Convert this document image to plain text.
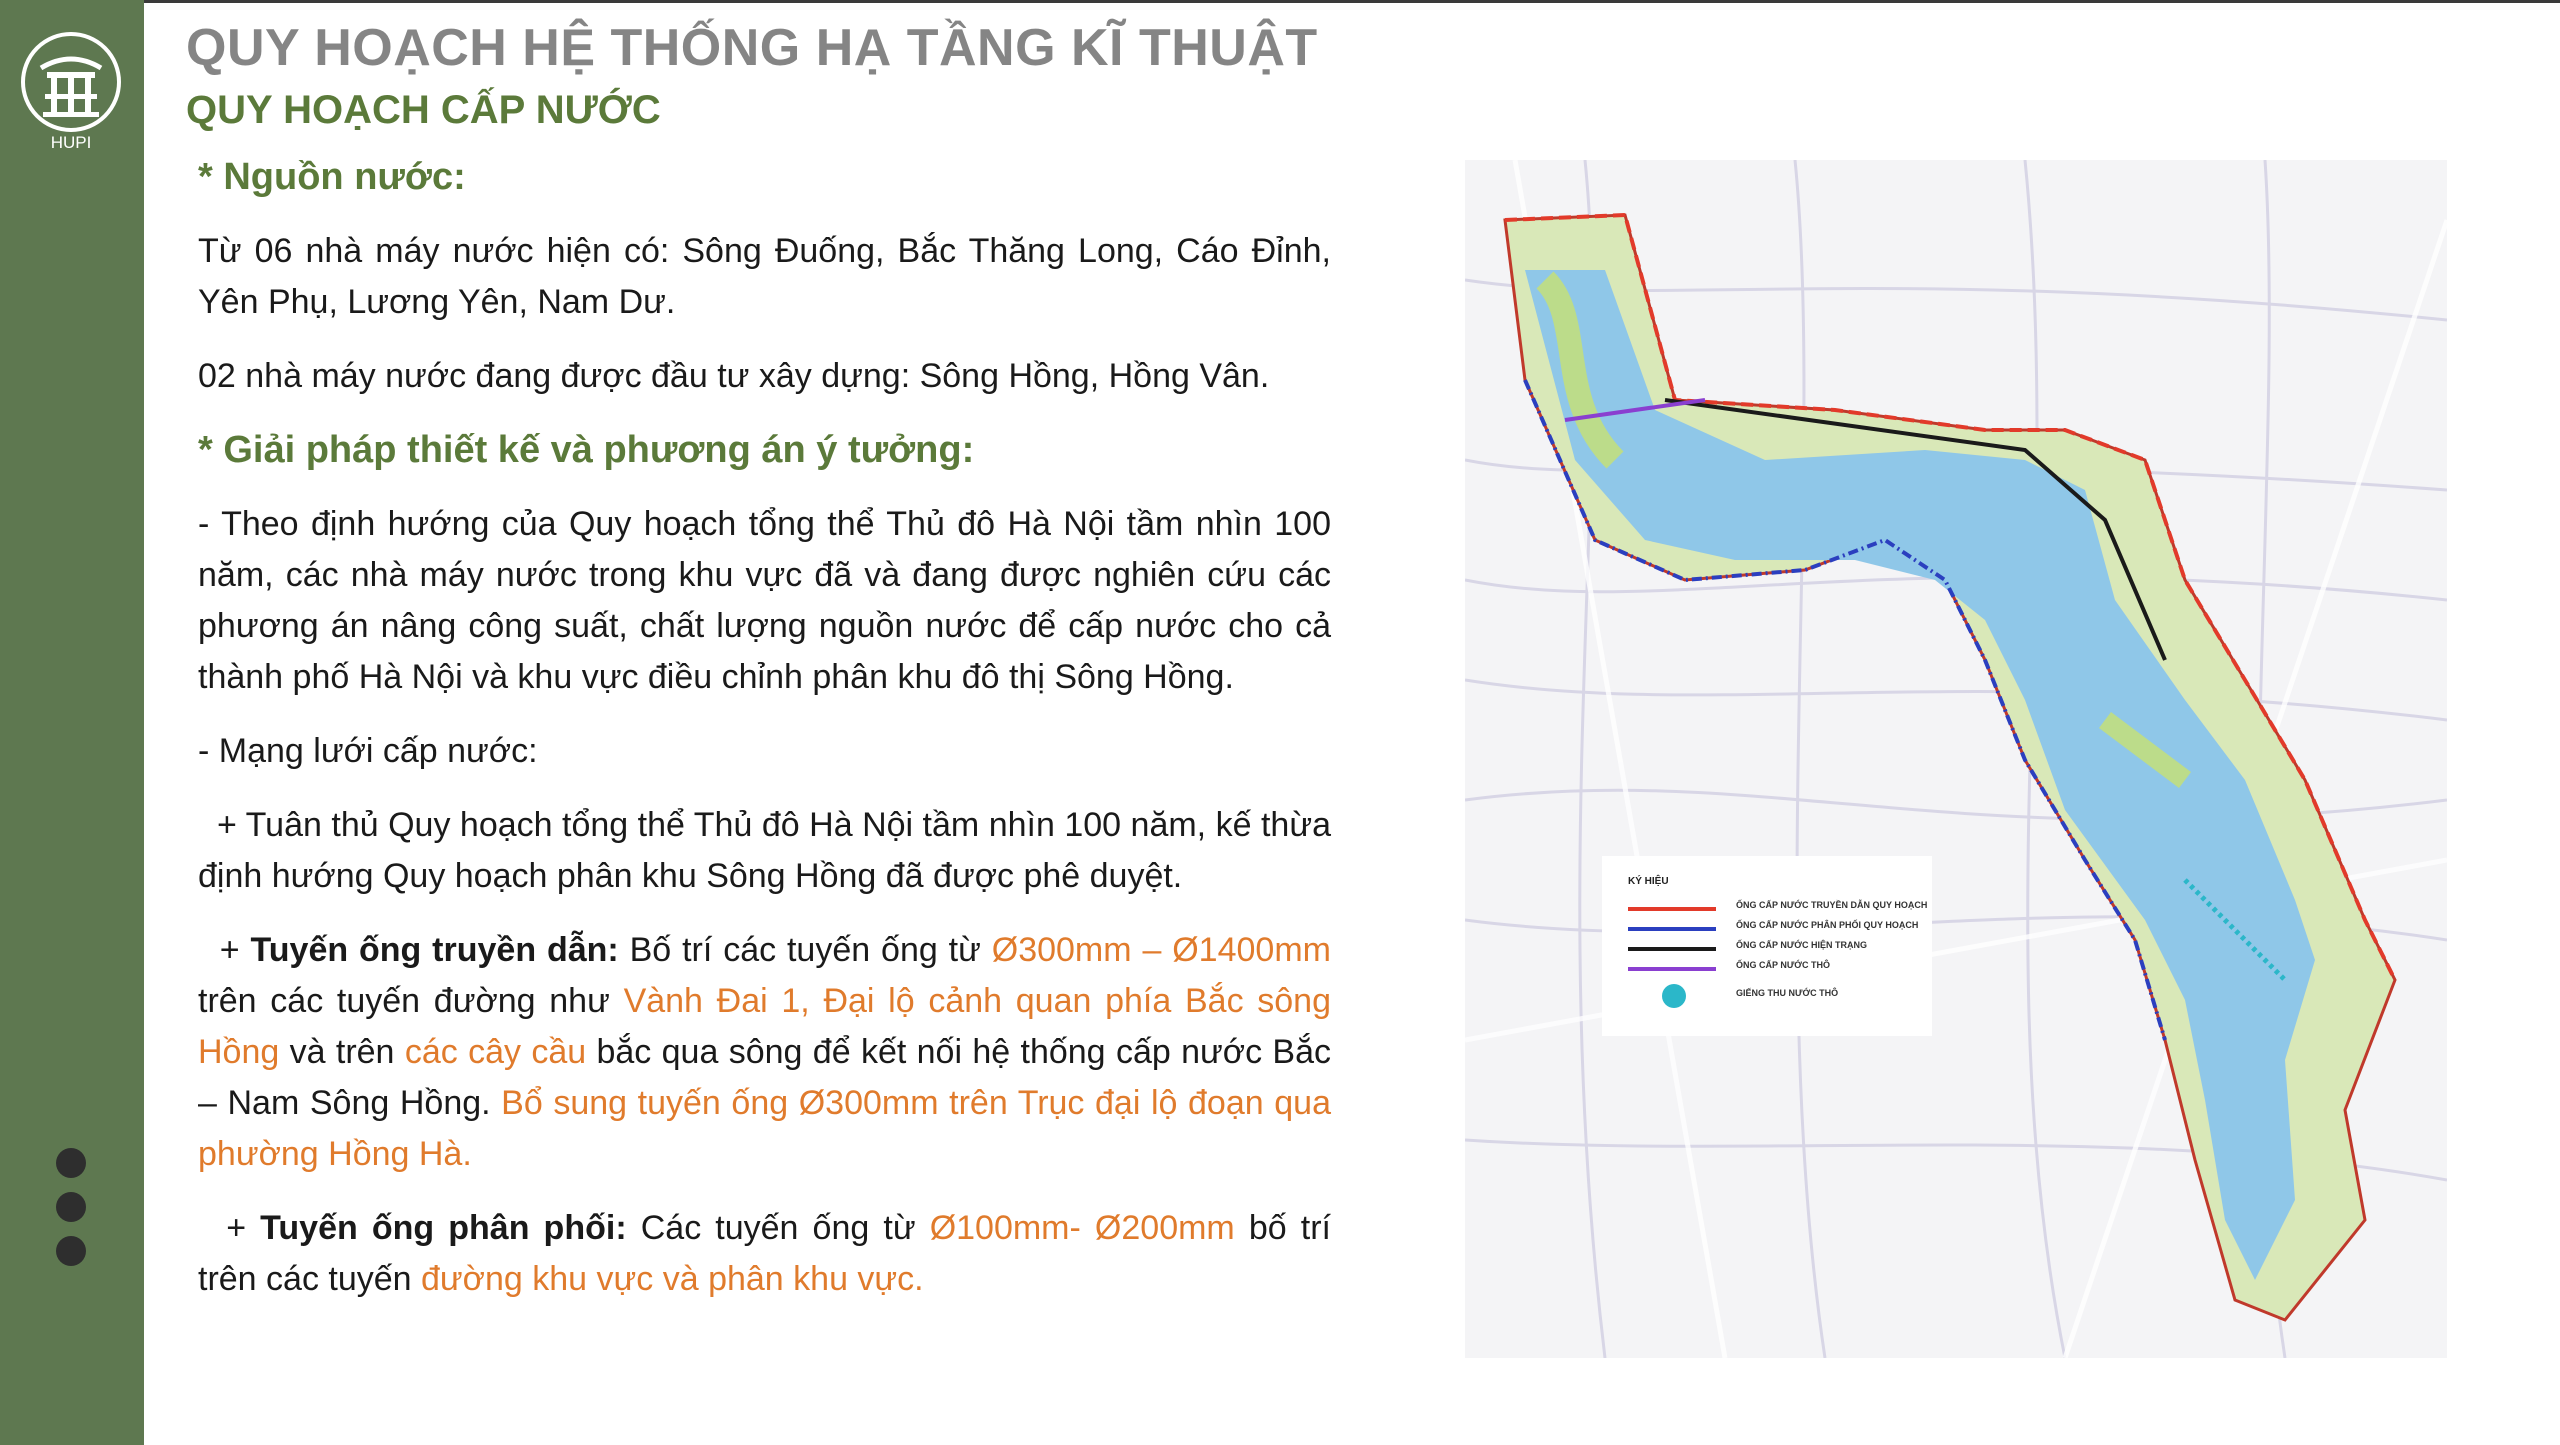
HUPI
QUY HOẠCH HỆ THỐNG HẠ TẦNG KĨ THUẬT
QUY HOẠCH CẤP NƯỚC

* Nguồn nước:

Từ 06 nhà máy nước hiện có: Sông Đuống, Bắc Thăng Long, Cáo Đỉnh, Yên Phụ, Lương Yên, Nam Dư.

02 nhà máy nước đang được đầu tư xây dựng: Sông Hồng, Hồng Vân.

* Giải pháp thiết kế và phương án ý tưởng:

- Theo định hướng của Quy hoạch tổng thể Thủ đô Hà Nội tầm nhìn 100 năm, các nhà máy nước trong khu vực đã và đang được nghiên cứu các phương án nâng công suất, chất lượng nguồn nước để cấp nước cho cả thành phố Hà Nội và khu vực điều chỉnh phân khu đô thị Sông Hồng.

- Mạng lưới cấp nước:

+ Tuân thủ Quy hoạch tổng thể Thủ đô Hà Nội tầm nhìn 100 năm, kế thừa định hướng Quy hoạch phân khu Sông Hồng đã được phê duyệt.

+ Tuyến ống truyền dẫn: Bố trí các tuyến ống từ Ø300mm – Ø1400mm trên các tuyến đường như Vành Đai 1, Đại lộ cảnh quan phía Bắc sông Hồng và trên các cây cầu bắc qua sông để kết nối hệ thống cấp nước Bắc – Nam Sông Hồng. Bổ sung tuyến ống Ø300mm trên Trục đại lộ đoạn qua phường Hồng Hà.

+ Tuyến ống phân phối: Các tuyến ống từ Ø100mm- Ø200mm bố trí trên các tuyến đường khu vực và phân khu vực.

KÝ HIỆU
ỐNG CẤP NƯỚC TRUYỀN DẪN QUY HOẠCH
ỐNG CẤP NƯỚC PHÂN PHỐI QUY HOẠCH
ỐNG CẤP NƯỚC HIỆN TRẠNG
ỐNG CẤP NƯỚC THÔ
GIẾNG THU NƯỚC THÔ
